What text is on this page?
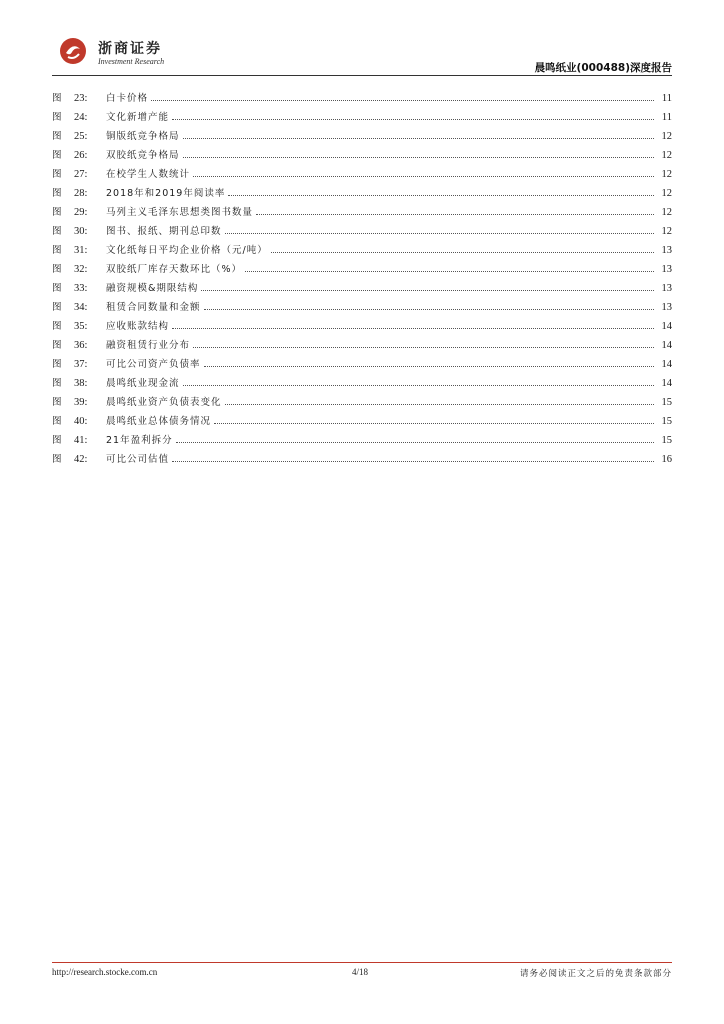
浙商证券
Investment Research
晨鸣纸业(000488)深度报告
图	23:	白卡价格	11
图	24:	文化新增产能	11
图	25:	铜版纸竞争格局	12
图	26:	双胶纸竞争格局	12
图	27:	在校学生人数统计	12
图	28:	2018年和2019年阅读率	12
图	29:	马列主义毛泽东思想类图书数量	12
图	30:	图书、报纸、期刊总印数	12
图	31:	文化纸每日平均企业价格（元/吨）	13
图	32:	双胶纸厂库存天数环比（%）	13
图	33:	融资规模&期限结构	13
图	34:	租赁合同数量和金额	13
图	35:	应收账款结构	14
图	36:	融资租赁行业分布	14
图	37:	可比公司资产负债率	14
图	38:	晨鸣纸业现金流	14
图	39:	晨鸣纸业资产负债表变化	15
图	40:	晨鸣纸业总体债务情况	15
图	41:	21年盈利拆分	15
图	42:	可比公司估值	16
http://research.stocke.com.cn	4/18	请务必阅读正文之后的免责条款部分
